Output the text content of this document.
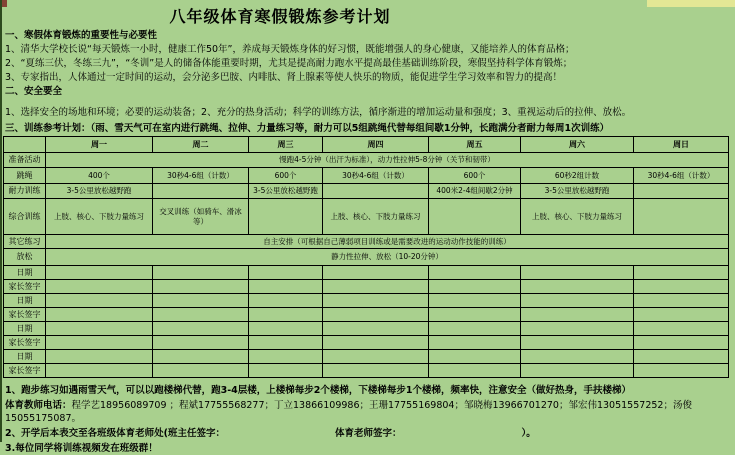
八年级体育寒假锻炼参考计划

一、寒假体育锻炼的重要性与必要性

1、清华大学校长说“每天锻炼一小时，健康工作50年”，养成每天锻炼身体的好习惯，既能增强人的身心健康，又能培养人的体育品格；

2、“夏练三伏，冬练三九”，“冬训”是人的储备体能重要时期，尤其是提高耐力跑水平提高最佳基础训练阶段，寒假坚持科学体育锻炼；

3、专家指出，人体通过一定时间的运动，会分泌多巴胺、内啡肽、肾上腺素等使人快乐的物质，能促进学生学习效率和智力的提高！

二、安全要全

1、选择安全的场地和环境；必要的运动装备；2、充分的热身活动；科学的训练方法，循序渐进的增加运动量和强度；3、重视运动后的拉伸、放松。

三、训练参考计划：（雨、雪天气可在室内进行跳绳、拉伸、力量练习等，耐力可以5组跳绳代替每组间歇1分钟，长跑满分者耐力每周1次训练）

	周一	周二	周三	周四	周五	周六	周日
准备活动	慢跑4-5分钟（出汗为标准），动力性拉伸5-8分钟（关节和韧带）						
跳绳	400个	30秒4-6组（计数）	600个	30秒4-6组（计数）	600个	60秒2组计数	30秒4-6组（计数）
耐力训练	3-5公里放松越野跑		3-5公里放松越野跑		400米2-4组间歇2分钟	3-5公里放松越野跑	
综合训练	上肢、核心、下肢力量练习	交叉训练（如骑车、滑冰等）		上肢、核心、下肢力量练习		上肢、核心、下肢力量练习	
其它练习	自主安排（可根据自己薄弱项目训练或是需要改进的运动动作技能的训练）						
放松	静力性拉伸、放松（10-20分钟）						
日期							
家长签字							
日期							
家长签字							
日期							
家长签字							
日期							
家长签字							

1、跑步练习如遇雨雪天气，可以以跑楼梯代替，跑3-4层楼，上楼梯每步2个楼梯，下楼梯每步1个楼梯，频率快，注意安全（做好热身，手扶楼梯）

体育教师电话：程学艺18956089709 ；程斌17755568277；丁立13866109986；王珊17755169804；邹晓梅13966701270；邹宏伟13051557252；汤俊15055175087。

2、开学后本表交至各班级体育老师处(班主任签字：	体育老师签字：	）。

3.每位同学将训练视频发在班级群！
